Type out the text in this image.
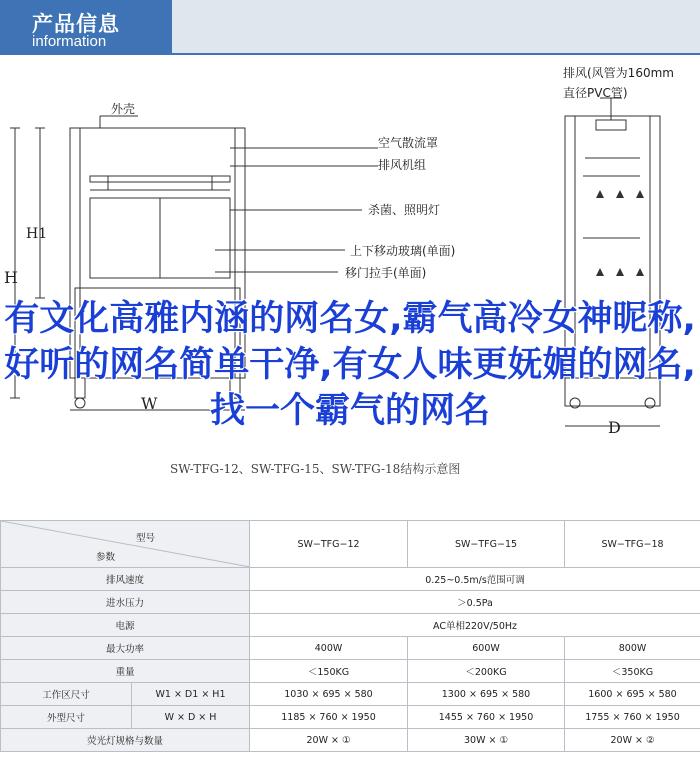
产品信息
information
外壳
空气散流罩
排风机组
杀菌、照明灯
上下移动玻璃(单面)
移门拉手(单面)
排风(风管为160mm
直径PVC管)
H
H1
W
D
SW-TFG-12、SW-TFG-15、SW-TFG-18结构示意图
有文化高雅内涵的网名女,霸气高冷女神昵称,好听的网名简单干净,有女人味更妩媚的网名,找一个霸气的网名
型号
参数		SW−TFG−12	SW−TFG−15	SW−TFG−18
排风速度		0.25~0.5m/s范围可调		
进水压力		＞0.5Pa		
电源		AC单相220V/50Hz		
最大功率		400W	600W	800W
重量		＜150KG	＜200KG	＜350KG
工作区尺寸	W1 × D1 × H1	1030 × 695 × 580	1300 × 695 × 580	1600 × 695 × 580
外型尺寸	W × D × H	1185 × 760 × 1950	1455 × 760 × 1950	1755 × 760 × 1950
荧光灯规格与数量		20W × ①	30W × ①	20W × ②
